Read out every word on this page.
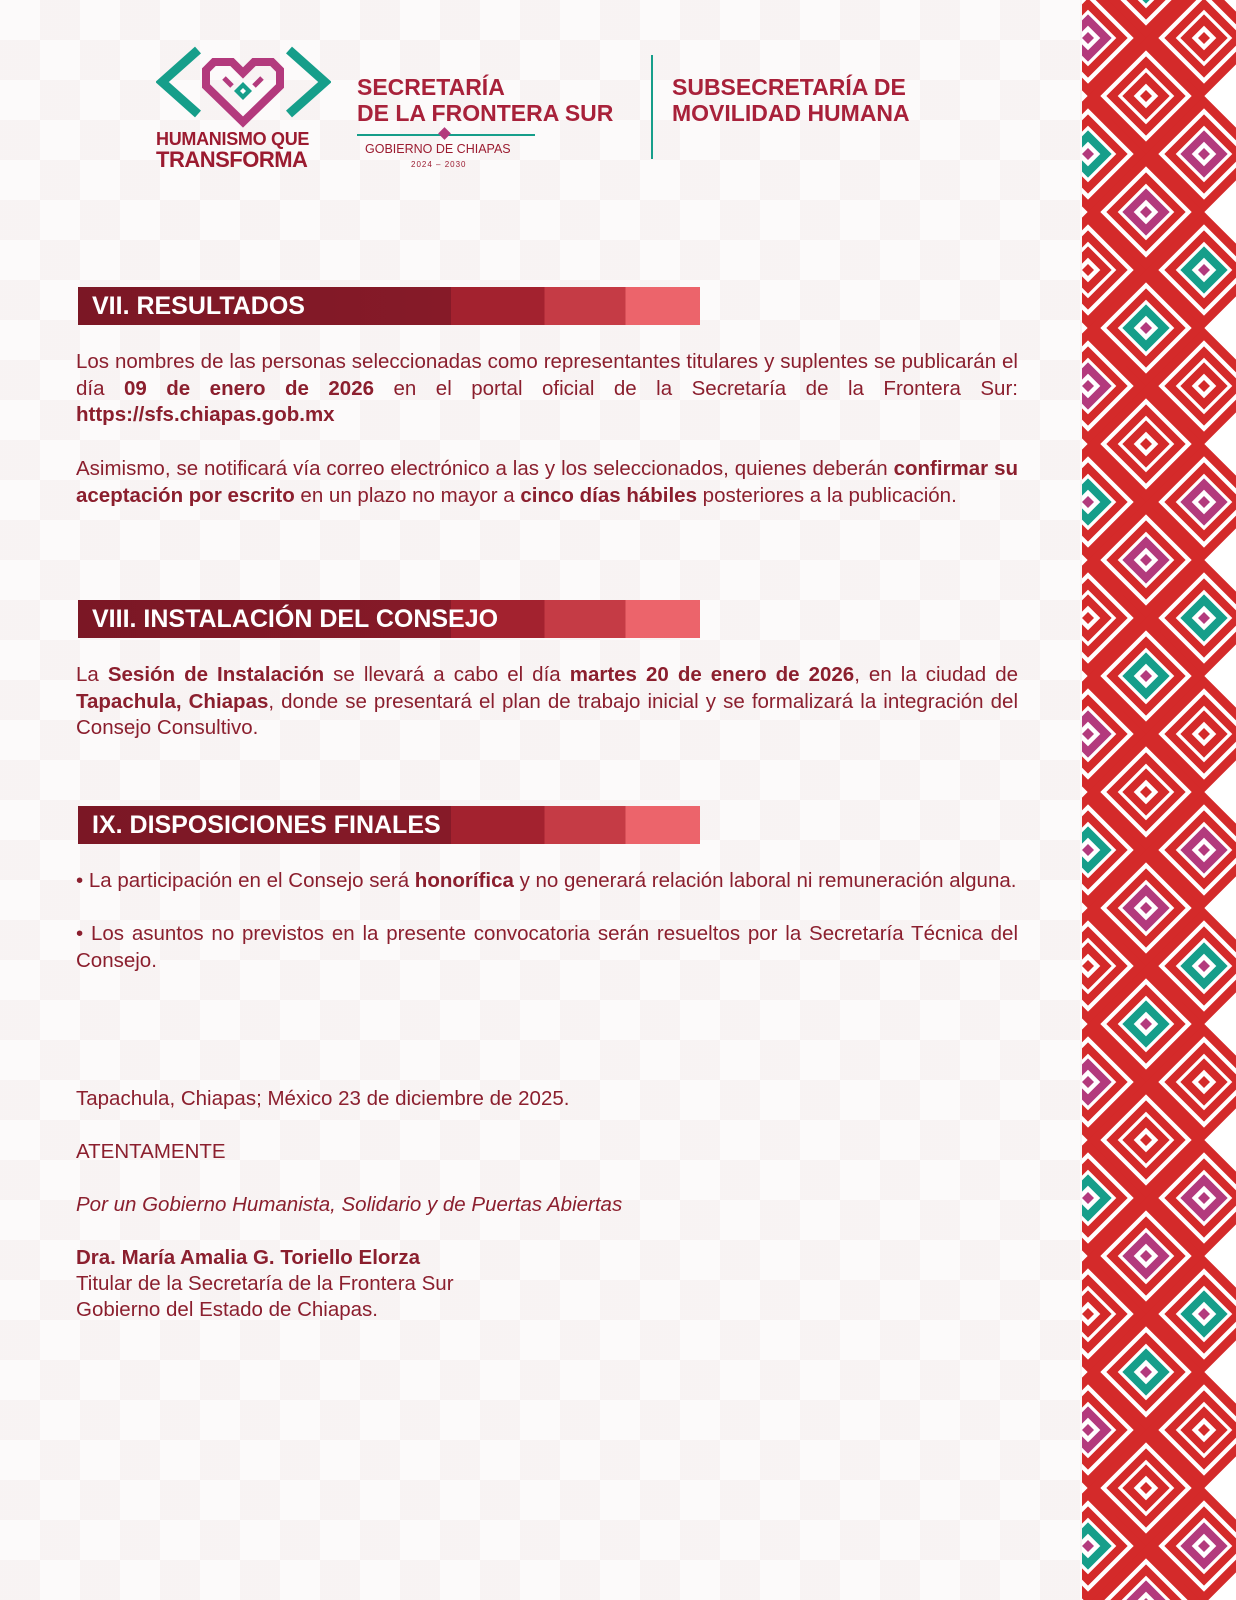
HUMANISMO QUE
TRANSFORMA
SECRETARÍA
DE LA FRONTERA SUR
GOBIERNO DE CHIAPAS
2024 – 2030
SUBSECRETARÍA DE
MOVILIDAD HUMANA
VII. RESULTADOS
Los nombres de las personas seleccionadas como representantes titulares y suplentes se publicarán el día 09 de enero de 2026 en el portal oficial de la Secretaría de la Frontera Sur: https://sfs.chiapas.gob.mx
Asimismo, se notificará vía correo electrónico a las y los seleccionados, quienes deberán confirmar su aceptación por escrito en un plazo no mayor a cinco días hábiles posteriores a la publicación.
VIII. INSTALACIÓN DEL CONSEJO
La Sesión de Instalación se llevará a cabo el día martes 20 de enero de 2026, en la ciudad de Tapachula, Chiapas, donde se presentará el plan de trabajo inicial y se formalizará la integración del Consejo Consultivo.
IX. DISPOSICIONES FINALES
• La participación en el Consejo será honorífica y no generará relación laboral ni remuneración alguna.
• Los asuntos no previstos en la presente convocatoria serán resueltos por la Secretaría Técnica del Consejo.
Tapachula, Chiapas; México 23 de diciembre de 2025.
ATENTAMENTE
Por un Gobierno Humanista, Solidario y de Puertas Abiertas
Dra. María Amalia G. Toriello Elorza
Titular de la Secretaría de la Frontera Sur
Gobierno del Estado de Chiapas.
